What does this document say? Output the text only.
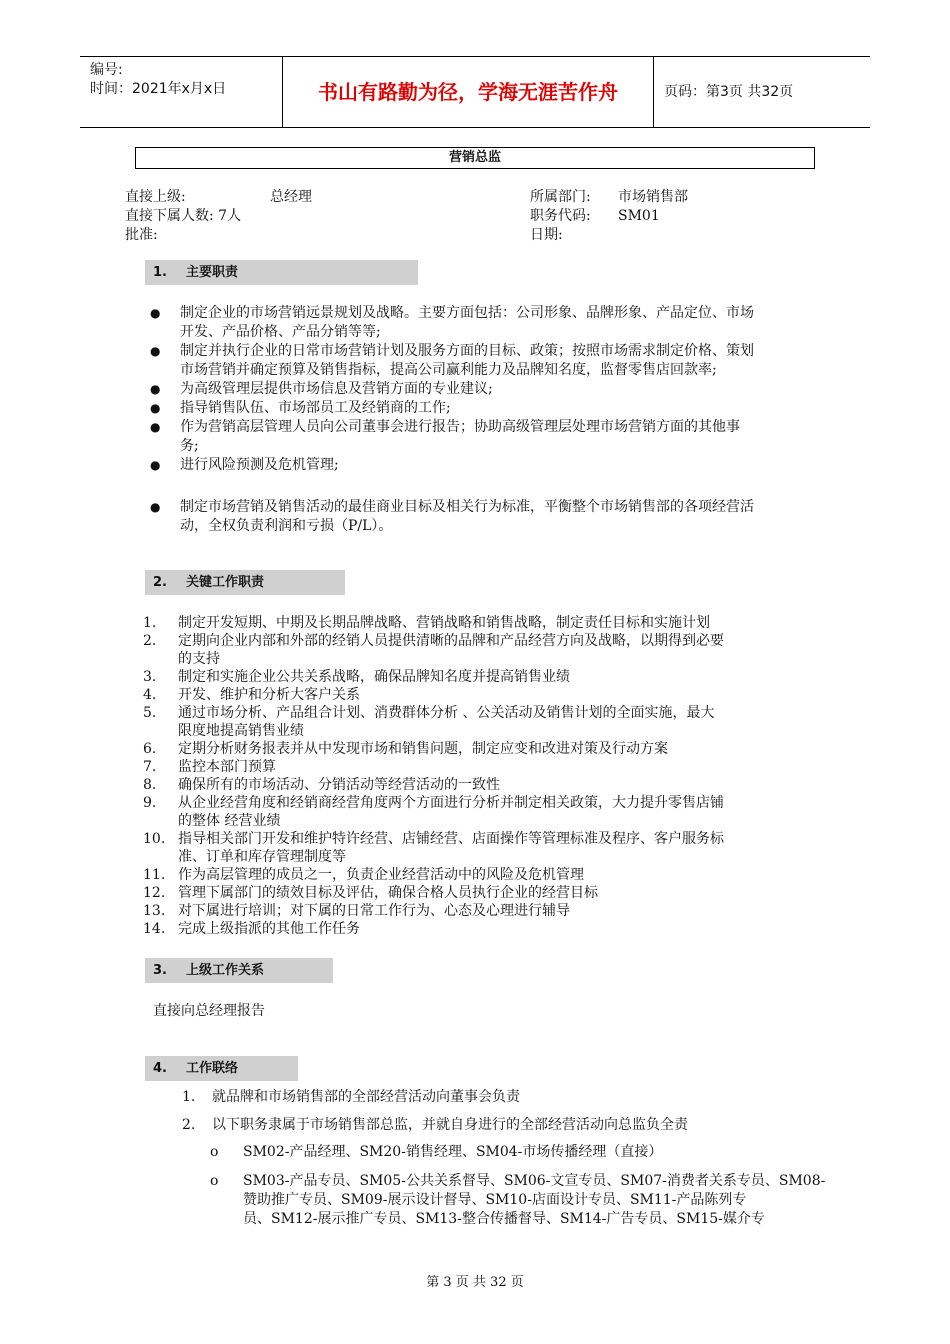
编号:
时间：2021年x月x日	书山有路勤为径，学海无涯苦作舟	页码：第3页 共32页
营销总监
直接上级:	总经理	所属部门: 市场销售部
直接下属人数: 7人	职务代码: SM01
批准:	日期:
1. 主要职责
● 制定企业的市场营销远景规划及战略。主要方面包括：公司形象、品牌形象、产品定位、市场
开发、产品价格、产品分销等等;
● 制定并执行企业的日常市场营销计划及服务方面的目标、政策；按照市场需求制定价格、策划
市场营销并确定预算及销售指标，提高公司赢利能力及品牌知名度，监督零售店回款率;
● 为高级管理层提供市场信息及营销方面的专业建议;
● 指导销售队伍、市场部员工及经销商的工作;
● 作为营销高层管理人员向公司董事会进行报告；协助高级管理层处理市场营销方面的其他事
务;
● 进行风险预测及危机管理;
● 制定市场营销及销售活动的最佳商业目标及相关行为标准，平衡整个市场销售部的各项经营活
动，全权负责利润和亏损（P/L）。
2. 关键工作职责
1. 制定开发短期、中期及长期品牌战略、营销战略和销售战略，制定责任目标和实施计划
2. 定期向企业内部和外部的经销人员提供清晰的品牌和产品经营方向及战略，以期得到必要
的支持
3. 制定和实施企业公共关系战略，确保品牌知名度并提高销售业绩
4. 开发、维护和分析大客户关系
5. 通过市场分析、产品组合计划、消费群体分析 、公关活动及销售计划的全面实施，最大
限度地提高销售业绩
6. 定期分析财务报表并从中发现市场和销售问题，制定应变和改进对策及行动方案
7. 监控本部门预算
8. 确保所有的市场活动、分销活动等经营活动的一致性
9. 从企业经营角度和经销商经营角度两个方面进行分析并制定相关政策，大力提升零售店铺
的整体 经营业绩
10. 指导相关部门开发和维护特许经营、店铺经营、店面操作等管理标准及程序、客户服务标
准、订单和库存管理制度等
11. 作为高层管理的成员之一，负责企业经营活动中的风险及危机管理
12. 管理下属部门的绩效目标及评估，确保合格人员执行企业的经营目标
13. 对下属进行培训；对下属的日常工作行为、心态及心理进行辅导
14. 完成上级指派的其他工作任务
3. 上级工作关系
直接向总经理报告
4. 工作联络
1. 就品牌和市场销售部的全部经营活动向董事会负责
2. 以下职务隶属于市场销售部总监，并就自身进行的全部经营活动向总监负全责
o SM02-产品经理、SM20-销售经理、SM04-市场传播经理（直接）
o SM03-产品专员、SM05-公共关系督导、SM06-文宣专员、SM07-消费者关系专员、SM08-
赞助推广专员、SM09-展示设计督导、SM10-店面设计专员、SM11-产品陈列专
员、SM12-展示推广专员、SM13-整合传播督导、SM14-广告专员、SM15-媒介专
第 3 页 共 32 页
